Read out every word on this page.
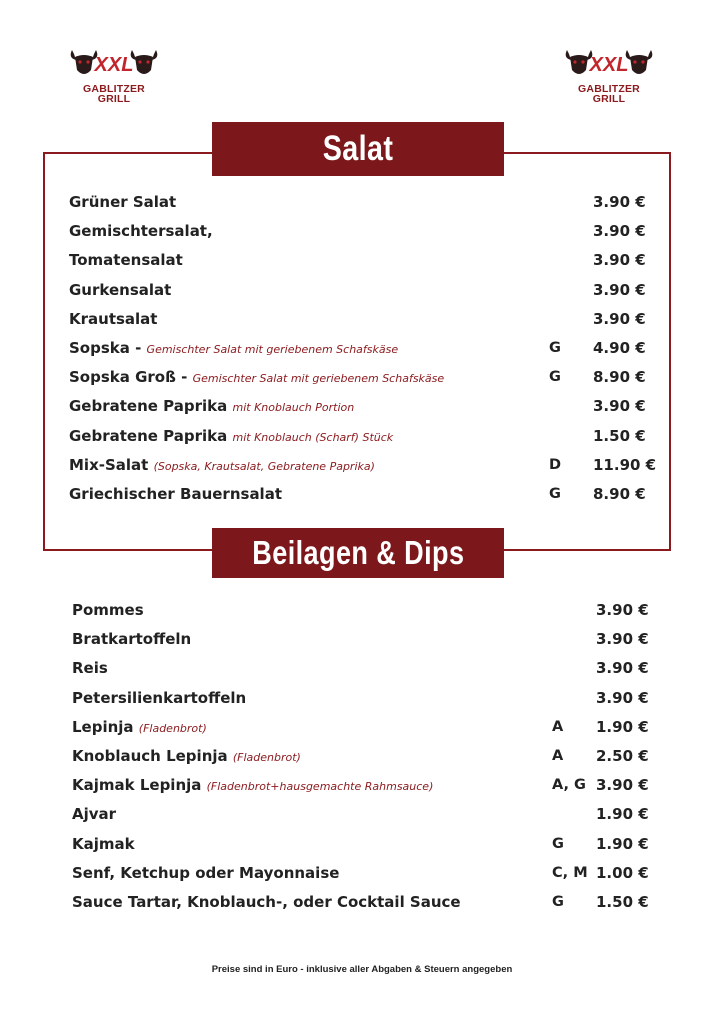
XXL
GABLITZER
GRILL
XXL
GABLITZER
GRILL
Salat
Grüner Salat	3.90 €
Gemischtersalat,	3.90 €
Tomatensalat	3.90 €
Gurkensalat	3.90 €
Krautsalat	3.90 €
Sopska - Gemischter Salat mit geriebenem Schafskäse	G 4.90 €
Sopska Groß - Gemischter Salat mit geriebenem Schafskäse	G 8.90 €
Gebratene Paprika mit Knoblauch Portion	3.90 €
Gebratene Paprika mit Knoblauch (Scharf) Stück	1.50 €
Mix-Salat (Sopska, Krautsalat, Gebratene Paprika)	D 11.90 €
Griechischer Bauernsalat	G 8.90 €
Beilagen & Dips
Pommes	3.90 €
Bratkartoffeln	3.90 €
Reis	3.90 €
Petersilienkartoffeln	3.90 €
Lepinja (Fladenbrot)	A 1.90 €
Knoblauch Lepinja (Fladenbrot)	A 2.50 €
Kajmak Lepinja (Fladenbrot+hausgemachte Rahmsauce)	A, G 3.90 €
Ajvar	1.90 €
Kajmak	G 1.90 €
Senf, Ketchup oder Mayonnaise	C, M 1.00 €
Sauce Tartar, Knoblauch-, oder Cocktail Sauce	G 1.50 €
Preise sind in Euro - inklusive aller Abgaben & Steuern angegeben
